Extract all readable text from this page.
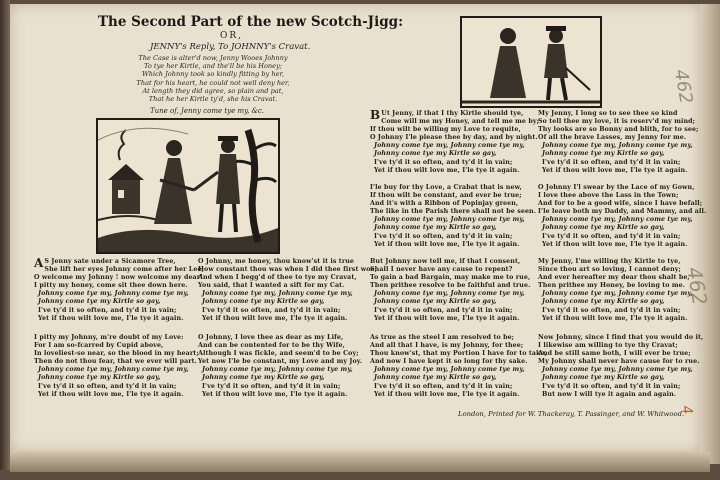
462
462
4
The Second Part of the new Scotch-Jigg:
OR,
JENNY's Reply, To JOHNNY's Cravat.
The Case is alter'd now, Jenny Wooes Johnny
To tye her Kirtle, and the'll be his Honey;
Which Johnny took so kindly fitting by her,
That for his heart, he could not well deny her,
At length they did agree, so plain and pat,
That he her Kirtle ty'd, she his Cravat.
Tune of, Jenny come tye my, &c.
A S Jenny sate under a Sicamore Tree,
She lift her eyes Johnny come after her Lee;
O welcome my Johnny ! now welcome my dear!
I pitty my honey, come sit thee down here.
Johnny come tye my, Johnny come tye my,
Johnny come tye my Kirtle so gay,
I've ty'd it so often, and ty'd it in vain;
Yet if thou wilt love me, I'le tye it again.
I pitty my Johnny, m're doubt of my Love:
For I am so-fcarred by Cupid above,
In loveliest-so near, so the blood in my heart;
Then do not thou fear, that we ever will part.
Johnny come tye my, Johnny come tye my,
Johnny come tye my Kirtle so gay,
I've ty'd it so often, and ty'd it in vain;
Yet if thou wilt love me, I'le tye it again.
O Johnny, me honey, thou know'st it is true
How constant thou was when I did thee first woe;
And when I begg'd of thee to tye my Cravat,
You said, that I wanted a sift for my Cat.
Johnny come tye my, Johnny come tye my,
Johnny come tye my Kirtle so gay,
I've ty'd it so often, and ty'd it in vain;
Yet if thou wilt love me, I'le tye it again.
O Johnny, I love thee as dear as my Life,
And can be contented for to be thy Wife,
Although I was fickle, and seem'd to be Coy;
Yet now I'le be constant, my Love and my Joy.
Johnny come tye my, Johnny come tye my,
Johnny come tye my Kirtle so gay,
I've ty'd it so often, and ty'd it in vain;
Yet if thou wilt love me, I'le tye it again.
B Ut Jenny, if that I thy Kirtle should tye,
Come will me my Honey, and tell me me by;
If thou wilt be willing my Love to requite,
O Johnny I'le please thee by day, and by night.
Johnny come tye my, Johnny come tye my,
Johnny come tye my Kirtle so gay,
I've ty'd it so often, and ty'd it in vain;
Yet if thou wilt love me, I'le tye it again.
I'le buy for thy Love, a Crabat that is new,
If thou wilt be constant, and ever be true;
And it's with a Ribbon of Popinjay green,
The like in the Parish there shall not be seen.
Johnny come tye my, Johnny come tye my,
Johnny come tye my Kirtle so gay,
I've ty'd it so often, and ty'd it in vain;
Yet if thou wilt love me, I'le tye it again.
But Johnny now tell me, if that I consent,
Shall I never have any cause to repent?
To gain a bad Bargain, may make me to rue,
Then prithee resolve to be faithful and true.
Johnny come tye my, Johnny come tye my,
Johnny come tye my Kirtle so gay,
I've ty'd it so often, and ty'd it in vain;
Yet if thou wilt love me, I'le tye it again.
As true as the steel I am resolved to be;
And all that I have, is my Johnny, for thee;
Thou know'st, that my Portion I have for to take,
And now I have kept it so long for thy sake.
Johnny come tye my, Johnny come tye my,
Johnny come tye my Kirtle so gay,
I've ty'd it so often, and ty'd it in vain;
Yet if thou wilt love me, I'le tye it again.
My Jenny, I long so to see thee so kind
So tell thee my love, it is reserv'd my mind;
Thy looks are so Bonny and blith, for to see;
Of all the brave Lasses, my Jenny for me.
Johnny come tye my, Johnny come tye my,
Johnny come tye my Kirtle so gay,
I've ty'd it so often, and ty'd it in vain;
Yet if thou wilt love me, I'le tye it again.
O Johnny I'l swear by the Lace of my Gown,
I love thee above the Lass in the Town;
And for to be a good wife, since I have befall;
I'le leave both my Daddy, and Mammy, and all.
Johnny come tye my, Johnny come tye my,
Johnny come tye my Kirtle so gay,
I've ty'd it so often, and ty'd it in vain;
Yet if thou wilt love me, I'le tye it again.
My Jenny, I'me willing thy Kirtle to tye,
Since thou art so loving, I cannot deny;
And ever hereafter my dear thou shalt be,
Then prithee my Honey, be loving to me.
Johnny come tye my, Johnny come tye my,
Johnny come tye my Kirtle so gay,
I've ty'd it so often, and ty'd it in vain;
Yet if thou wilt love me, I'le tye it again.
Now Johnny, since I find that you would do it,
I likewise am willing to tye thy Cravat;
And be still same both, I will ever be true;
My Johnny shall never have cause for to rue.
Johnny come tye my, Johnny come tye my,
Johnny come tye my Kirtle so gay,
I've ty'd it so often, and ty'd it in vain;
But now I will tye it again and again.
London, Printed for W. Thackeray, T. Passinger, and W. Whitwood.
